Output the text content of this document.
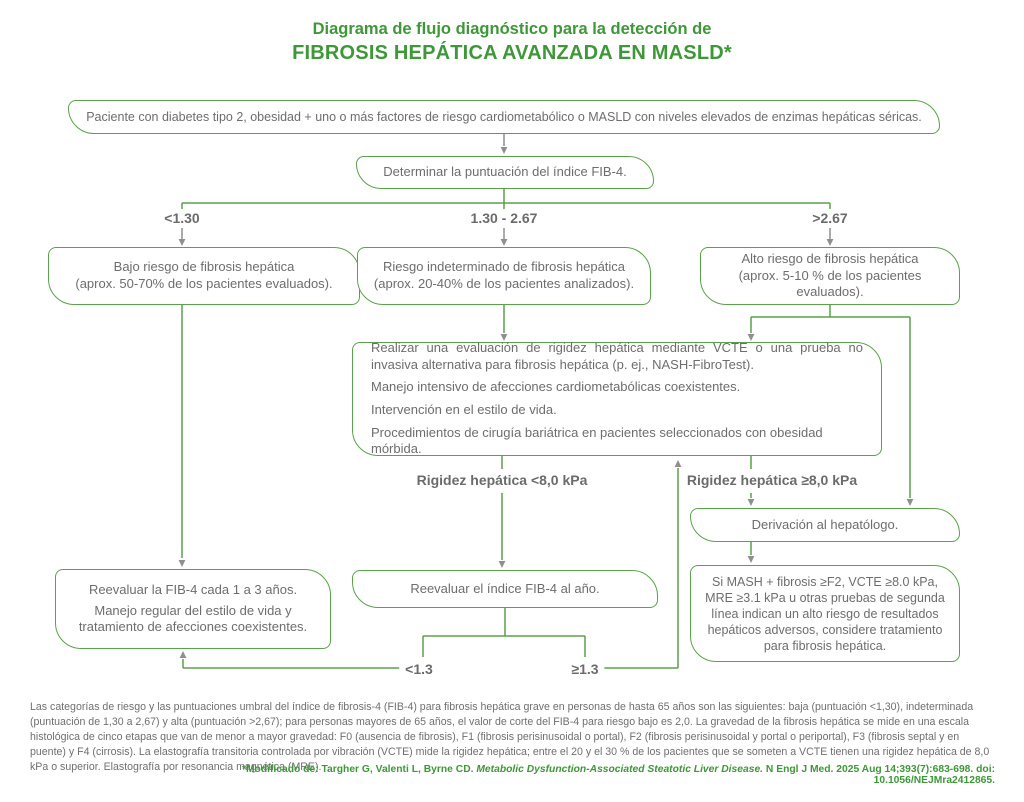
Diagrama de flujo diagnóstico para la detección de
FIBROSIS HEPÁTICA AVANZADA EN MASLD*
Paciente con diabetes tipo 2, obesidad + uno o más factores de riesgo cardiometabólico o MASLD con niveles elevados de enzimas hepáticas séricas.
Determinar la puntuación del índice FIB-4.
Bajo riesgo de fibrosis hepática
(aprox. 50-70% de los pacientes evaluados).
Riesgo indeterminado de fibrosis hepática
(aprox. 20-40% de los pacientes analizados).
Alto riesgo de fibrosis hepática
(aprox. 5-10 % de los pacientes evaluados).

Realizar una evaluación de rigidez hepática mediante VCTE o una prueba no invasiva alternativa para fibrosis hepática (p. ej., NASH-FibroTest).

Manejo intensivo de afecciones cardiometabólicas coexistentes.

Intervención en el estilo de vida.

Procedimientos de cirugía bariátrica en pacientes seleccionados con obesidad mórbida.

Reevaluar la FIB-4 cada 1 a 3 años.
Manejo regular del estilo de vida y tratamiento de afecciones coexistentes.
Reevaluar el índice FIB-4 al año.
Derivación al hepatólogo.
Si MASH + fibrosis ≥F2, VCTE ≥8.0 kPa, MRE ≥3.1 kPa u otras pruebas de segunda línea indican un alto riesgo de resultados hepáticos adversos, considere tratamiento para fibrosis hepática.
<1.30	1.30 - 2.67	>2.67
Rigidez hepática <8,0 kPa	Rigidez hepática ≥8,0 kPa
<1.3	≥1.3
Las categorías de riesgo y las puntuaciones umbral del índice de fibrosis-4 (FIB-4) para fibrosis hepática grave en personas de hasta 65 años son las siguientes: baja (puntuación <1,30), indeterminada (puntuación de 1,30 a 2,67) y alta (puntuación >2,67); para personas mayores de 65 años, el valor de corte del FIB-4 para riesgo bajo es 2,0. La gravedad de la fibrosis hepática se mide en una escala histológica de cinco etapas que van de menor a mayor gravedad: F0 (ausencia de fibrosis), F1 (fibrosis perisinusoidal o portal), F2 (fibrosis perisinusoidal y portal o periportal), F3 (fibrosis septal y en puente) y F4 (cirrosis). La elastografía transitoria controlada por vibración (VCTE) mide la rigidez hepática; entre el 20 y el 30 % de los pacientes que se someten a VCTE tienen una rigidez hepática de 8,0 kPa o superior. Elastografía por resonancia magnética (MRE).
*Modificado de: Targher G, Valenti L, Byrne CD. Metabolic Dysfunction-Associated Steatotic Liver Disease. N Engl J Med. 2025 Aug 14;393(7):683-698. doi: 10.1056/NEJMra2412865.
